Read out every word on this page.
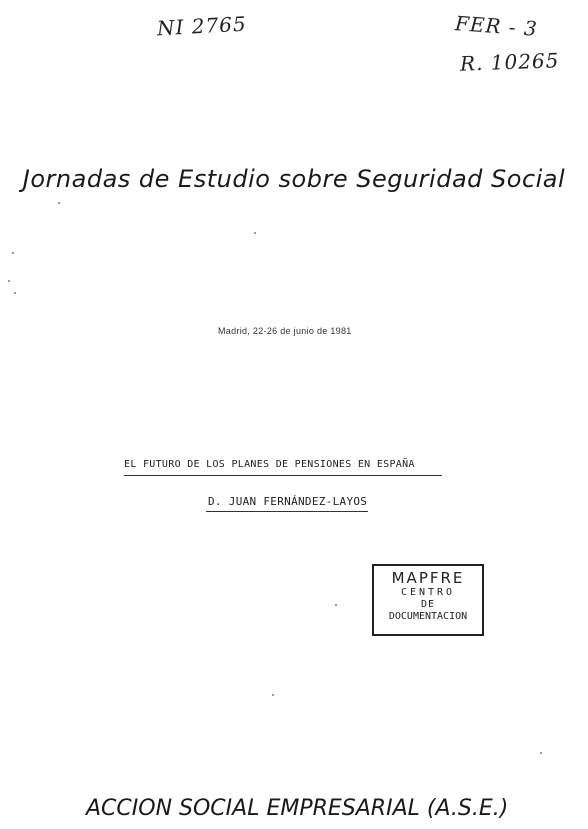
NI 2765	FER - 3
R. 10265
Jornadas de Estudio sobre Seguridad Social
Madrid, 22-26 de junio de 1981
EL FUTURO DE LOS PLANES DE PENSIONES EN ESPAÑA
D. JUAN FERNÁNDEZ-LAYOS
MAPFRE
CENTRO
DE
DOCUMENTACION
ACCION SOCIAL EMPRESARIAL (A.S.E.)
